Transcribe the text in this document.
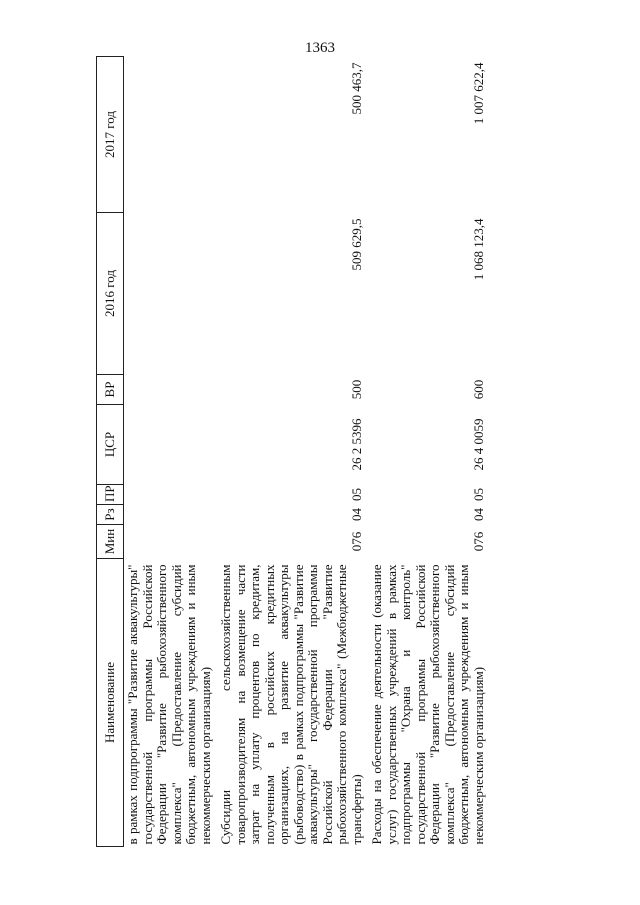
1363
Наименование	Мин	Рз	ПР	ЦСР	ВР	2016 год	2017 год
в рамках подпрограммы "Развитие аквакультуры" государственной программы Российской Федерации "Развитие рыбохозяйственного комплекса" (Предоставление субсидий бюджетным, автономным учреждениям и иным некоммерческим организациям)							
Субсидии сельскохозяйственным товаропроизводителям на возмещение части затрат на уплату процентов по кредитам, полученным в российских кредитных организациях, на развитие аквакультуры (рыбоводство) в рамках подпрограммы "Развитие аквакультуры" государственной программы Российской Федерации "Развитие рыбохозяйственного комплекса" (Межбюджетные трансферты)	076	04	05	26 2 5396	500	509 629,5	500 463,7
Расходы на обеспечение деятельности (оказание услуг) государственных учреждений в рамках подпрограммы "Охрана и контроль" государственной программы Российской Федерации "Развитие рыбохозяйственного комплекса" (Предоставление субсидий бюджетным, автономным учреждениям и иным некоммерческим организациям)	076	04	05	26 4 0059	600	1 068 123,4	1 007 622,4
